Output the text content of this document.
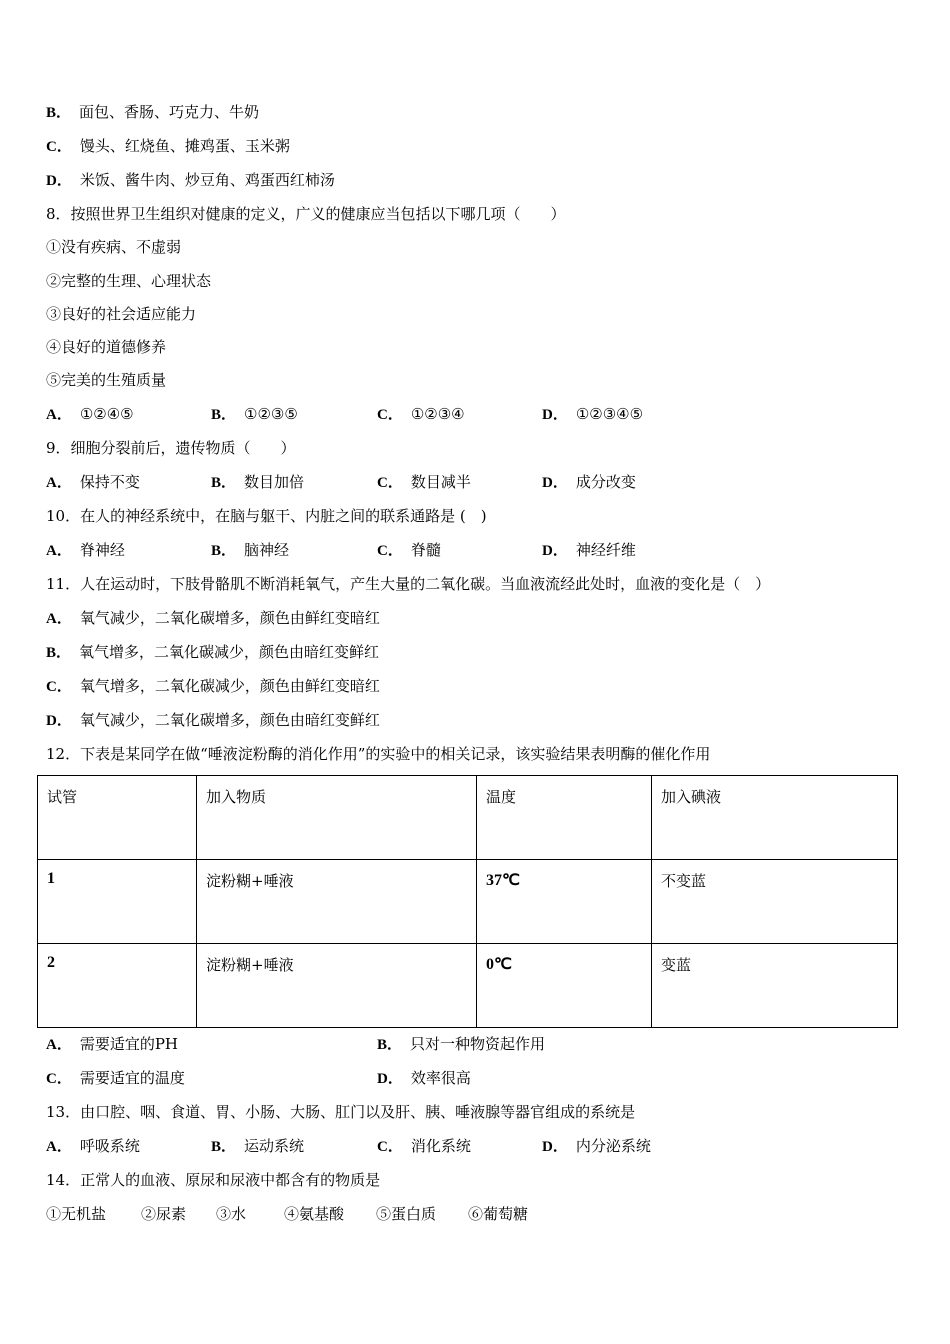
B． 面包、香肠、巧克力、牛奶
C． 馒头、红烧鱼、摊鸡蛋、玉米粥
D． 米饭、酱牛肉、炒豆角、鸡蛋西红柿汤
8．按照世界卫生组织对健康的定义，广义的健康应当包括以下哪几项（　　）
①没有疾病、不虚弱
②完整的生理、心理状态
③良好的社会适应能力
④良好的道德修养
⑤完美的生殖质量
A． ①②④⑤	B． ①②③⑤	C． ①②③④	D． ①②③④⑤
9．细胞分裂前后，遗传物质（　　）
A． 保持不变	B． 数目加倍	C． 数目减半	D． 成分改变
10．在人的神经系统中，在脑与躯干、内脏之间的联系通路是 (　)
A． 脊神经	B． 脑神经	C． 脊髓	D． 神经纤维
11．人在运动时，下肢骨骼肌不断消耗氧气，产生大量的二氧化碳。当血液流经此处时，血液的变化是（　）
A． 氧气减少，二氧化碳增多，颜色由鲜红变暗红
B． 氧气增多，二氧化碳减少，颜色由暗红变鲜红
C． 氧气增多，二氧化碳减少，颜色由鲜红变暗红
D． 氧气减少，二氧化碳增多，颜色由暗红变鲜红
12．下表是某同学在做“唾液淀粉酶的消化作用”的实验中的相关记录，该实验结果表明酶的催化作用
试管	加入物质	温度	加入碘液
1	淀粉糊+唾液	37℃	不变蓝
2	淀粉糊+唾液	0℃	变蓝
A． 需要适宜的PH	B． 只对一种物资起作用
C． 需要适宜的温度	D． 效率很高
13．由口腔、咽、食道、胃、小肠、大肠、肛门以及肝、胰、唾液腺等器官组成的系统是
A． 呼吸系统	B． 运动系统	C． 消化系统	D． 内分泌系统
14．正常人的血液、原尿和尿液中都含有的物质是
①无机盐 ②尿素 ③水	④氨基酸 ⑤蛋白质 ⑥葡萄糖
